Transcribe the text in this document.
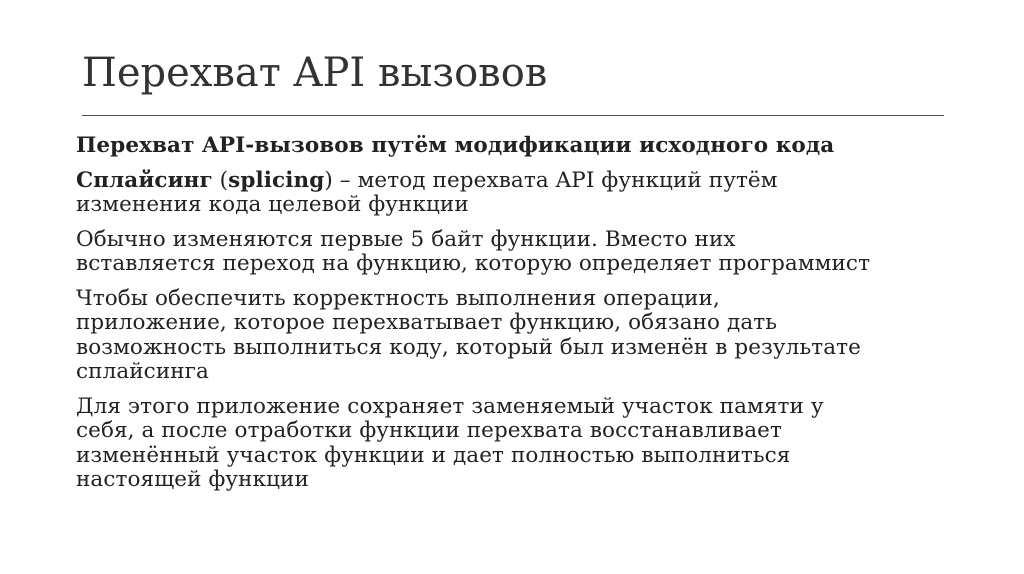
Перехват API вызовов

Перехват API-вызовов путём модификации исходного кода

Сплайсинг (splicing) – метод перехвата API функций путём
изменения кода целевой функции

Обычно изменяются первые 5 байт функции. Вместо них
вставляется переход на функцию, которую определяет программист

Чтобы обеспечить корректность выполнения операции,
приложение, которое перехватывает функцию, обязано дать
возможность выполниться коду, который был изменён в результате
сплайсинга

Для этого приложение сохраняет заменяемый участок памяти у
себя, а после отработки функции перехвата восстанавливает
изменённый участок функции и дает полностью выполниться
настоящей функции
